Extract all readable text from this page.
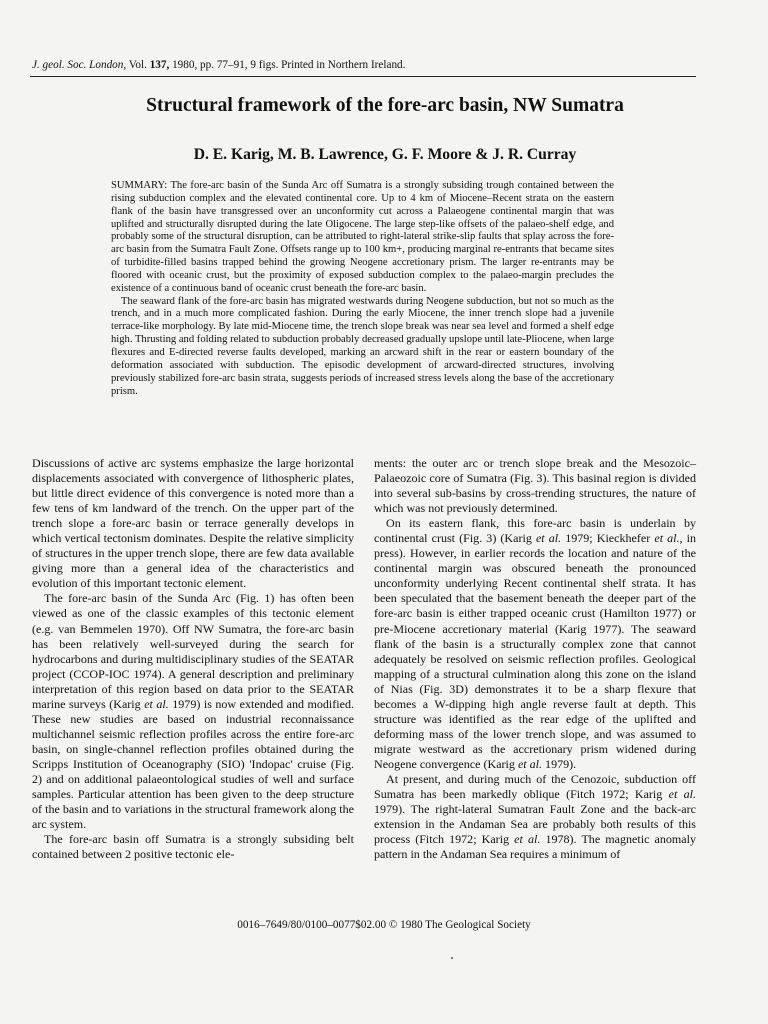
J. geol. Soc. London, Vol. 137, 1980, pp. 77–91, 9 figs. Printed in Northern Ireland.
Structural framework of the fore-arc basin, NW Sumatra
D. E. Karig, M. B. Lawrence, G. F. Moore & J. R. Curray

SUMMARY: The fore-arc basin of the Sunda Arc off Sumatra is a strongly subsiding trough contained between the rising subduction complex and the elevated continental core. Up to 4 km of Miocene–Recent strata on the eastern flank of the basin have transgressed over an unconformity cut across a Palaeogene continental margin that was uplifted and structurally disrupted during the late Oligocene. The large step-like offsets of the palaeo-shelf edge, and probably some of the structural disruption, can be attributed to right-lateral strike-slip faults that splay across the fore-arc basin from the Sumatra Fault Zone. Offsets range up to 100 km+, producing marginal re-entrants that became sites of turbidite-filled basins trapped behind the growing Neogene accretionary prism. The larger re-entrants may be floored with oceanic crust, but the proximity of exposed subduction complex to the palaeo-margin precludes the existence of a continuous band of oceanic crust beneath the fore-arc basin.

The seaward flank of the fore-arc basin has migrated westwards during Neogene subduction, but not so much as the trench, and in a much more complicated fashion. During the early Miocene, the inner trench slope had a juvenile terrace-like morphology. By late mid-Miocene time, the trench slope break was near sea level and formed a shelf edge high. Thrusting and folding related to subduction probably decreased gradually upslope until late-Pliocene, when large flexures and E-directed reverse faults developed, marking an arcward shift in the rear or eastern boundary of the deformation associated with subduction. The episodic development of arcward-directed structures, involving previously stabilized fore-arc basin strata, suggests periods of increased stress levels along the base of the accretionary prism.

Discussions of active arc systems emphasize the large horizontal displacements associated with convergence of lithospheric plates, but little direct evidence of this convergence is noted more than a few tens of km landward of the trench. On the upper part of the trench slope a fore-arc basin or terrace generally develops in which vertical tectonism dominates. Despite the relative simplicity of structures in the upper trench slope, there are few data available giving more than a general idea of the characteristics and evolution of this important tectonic element.

The fore-arc basin of the Sunda Arc (Fig. 1) has often been viewed as one of the classic examples of this tectonic element (e.g. van Bemmelen 1970). Off NW Sumatra, the fore-arc basin has been relatively well-surveyed during the search for hydrocarbons and during multidisciplinary studies of the SEATAR project (CCOP-IOC 1974). A general description and preliminary interpretation of this region based on data prior to the SEATAR marine surveys (Karig et al. 1979) is now extended and modified. These new studies are based on industrial reconnaissance multichannel seismic reflection profiles across the entire fore-arc basin, on single-channel reflection profiles obtained during the Scripps Institution of Oceanography (SIO) 'Indopac' cruise (Fig. 2) and on additional palaeontological studies of well and surface samples. Particular attention has been given to the deep structure of the basin and to variations in the structural framework along the arc system.

The fore-arc basin off Sumatra is a strongly subsiding belt contained between 2 positive tectonic ele-

ments: the outer arc or trench slope break and the Mesozoic–Palaeozoic core of Sumatra (Fig. 3). This basinal region is divided into several sub-basins by cross-trending structures, the nature of which was not previously determined.

On its eastern flank, this fore-arc basin is underlain by continental crust (Fig. 3) (Karig et al. 1979; Kieckhefer et al., in press). However, in earlier records the location and nature of the continental margin was obscured beneath the pronounced unconformity underlying Recent continental shelf strata. It has been speculated that the basement beneath the deeper part of the fore-arc basin is either trapped oceanic crust (Hamilton 1977) or pre-Miocene accretionary material (Karig 1977). The seaward flank of the basin is a structurally complex zone that cannot adequately be resolved on seismic reflection profiles. Geological mapping of a structural culmination along this zone on the island of Nias (Fig. 3D) demonstrates it to be a sharp flexure that becomes a W-dipping high angle reverse fault at depth. This structure was identified as the rear edge of the uplifted and deforming mass of the lower trench slope, and was assumed to migrate westward as the accretionary prism widened during Neogene convergence (Karig et al. 1979).

At present, and during much of the Cenozoic, subduction off Sumatra has been markedly oblique (Fitch 1972; Karig et al. 1979). The right-lateral Sumatran Fault Zone and the back-arc extension in the Andaman Sea are probably both results of this process (Fitch 1972; Karig et al. 1978). The magnetic anomaly pattern in the Andaman Sea requires a minimum of

0016–7649/80/0100–0077$02.00 © 1980 The Geological Society
